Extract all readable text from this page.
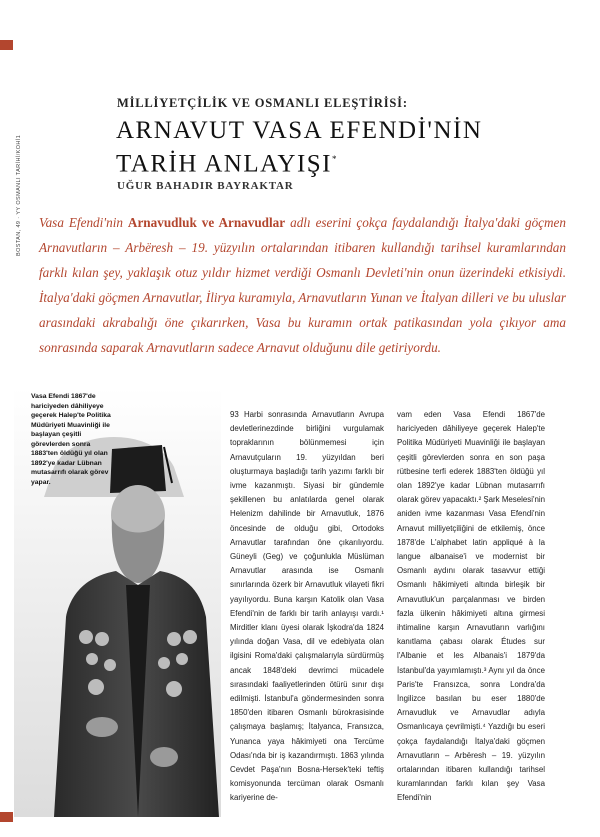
BOSTAN, 49 · YY OSMANLI TARİHİ/KOHİ1
MİLLİYETÇİLİK VE OSMANLI ELEŞTİRİSİ:
ARNAVUT VASA EFENDİ'NİN
TARİH ANLAYIŞI*
UĞUR BAHADIR BAYRAKTAR

Vasa Efendi'nin Arnavudluk ve Arnavudlar adlı eserini çokça faydalandığı İtalya'daki göçmen Arnavutların – Arbëresh – 19. yüzyılın ortalarından itibaren kullandığı tarihsel kuramlarından farklı kılan şey, yaklaşık otuz yıldır hizmet verdiği Osmanlı Devleti'nin onun üzerindeki etkisiydi. İtalya'daki göçmen Arnavutlar, İlirya kuramıyla, Arnavutların Yunan ve İtalyan dilleri ve bu uluslar arasındaki akrabalığı öne çıkarırken, Vasa bu kuramın ortak patikasından yola çıkıyor ama sonrasında saparak Arnavutların sadece Arnavut olduğunu dile getiriyordu.

Vasa Efendi 1867'de hariciyeden dâhiliyeye geçerek Halep'te Politika Müdüriyeti Muavinliği ile başlayan çeşitli görevlerden sonra 1883'ten öldüğü yıl olan 1892'ye kadar Lübnan mutasarrıfı olarak görev yapar.

93 Harbi sonrasında Arnavutların Avrupa devletlerinezdinde birliğini vurgulamak topraklarının bölünmemesi için Arnavutçuların 19. yüzyıldan beri oluşturmaya başladığı tarih yazımı farklı bir ivme kazanmıştı. Siyasi bir gündemle şekillenen bu anlatılarda genel olarak Helenizm dahilinde bir Arnavutluk, 1876 öncesinde de olduğu gibi, Ortodoks Arnavutlar tarafından öne çıkarılıyordu. Güneyli (Geg) ve çoğunlukla Müslüman Arnavutlar arasında ise Osmanlı sınırlarında özerk bir Arnavutluk vilayeti fikri yayılıyordu. Buna karşın Katolik olan Vasa Efendi'nin de farklı bir tarih anlayışı vardı.¹ Mirditler klanı üyesi olarak İşkodra'da 1824 yılında doğan Vasa, dil ve edebiyata olan ilgisini Roma'daki çalışmalarıyla sürdürmüş ancak 1848'deki devrimci mücadele sırasındaki faaliyetlerinden ötürü sınır dışı edilmişti. İstanbul'a göndermesinden sonra 1850'den itibaren Osmanlı bürokrasisinde çalışmaya başlamış; İtalyanca, Fransızca, Yunanca yaya hâkimiyeti ona Tercüme Odası'nda bir iş kazandırmıştı. 1863 yılında Cevdet Paşa'nın Bosna-Hersek'teki teftiş komisyonunda tercüman olarak Osmanlı kariyerine de-

vam eden Vasa Efendi 1867'de hariciyeden dâhiliyeye geçerek Halep'te Politika Müdüriyeti Muavinliği ile başlayan çeşitli görevlerden sonra en son paşa rütbesine terfi ederek 1883'ten öldüğü yıl olan 1892'ye kadar Lübnan mutasarrıfı olarak görev yapacaktı.² Şark Meselesi'nin aniden ivme kazanması Vasa Efendi'nin Arnavut milliyetçiliğini de etkilemiş, önce 1878'de L'alphabet latin appliqué à la langue albanaise'i ve modernist bir Osmanlı aydını olarak tasavvur ettiği Osmanlı hâkimiyeti altında birleşik bir Arnavutluk'un parçalanması ve birden fazla ülkenin hâkimiyeti altına girmesi ihtimaline karşın Arnavutların varlığını kanıtlama çabası olarak Études sur l'Albanie et les Albanais'i 1879'da İstanbul'da yayımlamıştı.³ Aynı yıl da önce Paris'te Fransızca, sonra Londra'da İngilizce basılan bu eser 1880'de Arnavudluk ve Arnavudlar adıyla Osmanlıcaya çevrilmişti.⁴ Yazdığı bu eseri çokça faydalandığı İtalya'daki göçmen Arnavutların – Arbëresh – 19. yüzyılın ortalarından itibaren kullandığı tarihsel kuramlarından farklı kılan şey Vasa Efendi'nin
